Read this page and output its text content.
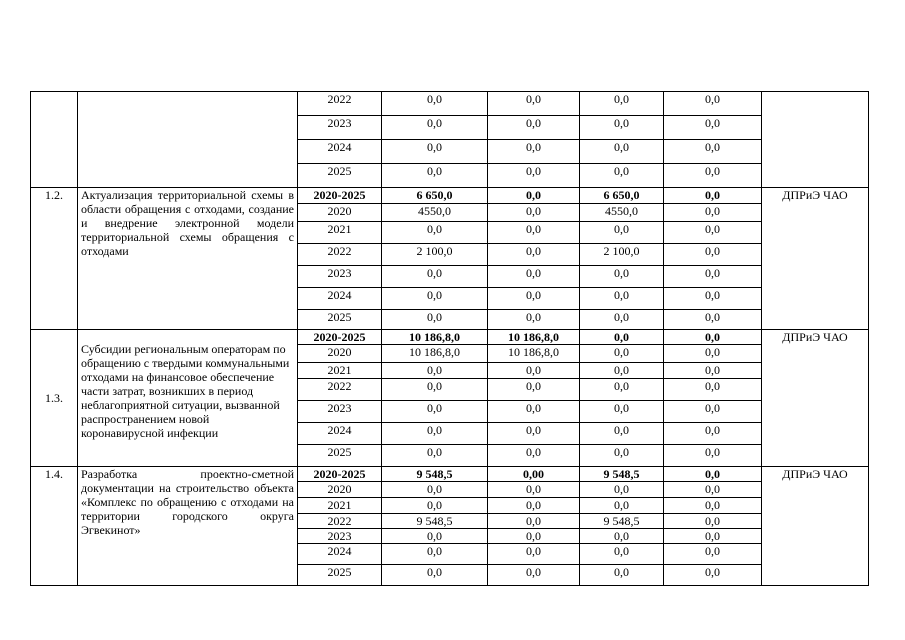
		2022	0,0	0,0	0,0	0,0	
		2023	0,0	0,0	0,0	0,0	
		2024	0,0	0,0	0,0	0,0	
		2025	0,0	0,0	0,0	0,0	
1.2.	Актуализация территориальной схемы в области обращения с отходами, создание и внедрение электронной модели территориальной схемы обращения с отходами	2020-2025	6 650,0	0,0	6 650,0	0,0	ДПРиЭ ЧАО
		2020	4550,0	0,0	4550,0	0,0	
		2021	0,0	0,0	0,0	0,0	
		2022	2 100,0	0,0	2 100,0	0,0	
		2023	0,0	0,0	0,0	0,0	
		2024	0,0	0,0	0,0	0,0	
		2025	0,0	0,0	0,0	0,0	
1.3.	Субсидии региональным операторам по обращению с твердыми коммунальными отходами на финансовое обеспечение части затрат, возникших в период неблагоприятной ситуации, вызванной распространением новой коронавирусной инфекции	2020-2025	10 186,8,0	10 186,8,0	0,0	0,0	ДПРиЭ ЧАО
		2020	10 186,8,0	10 186,8,0	0,0	0,0	
		2021	0,0	0,0	0,0	0,0	
		2022	0,0	0,0	0,0	0,0	
		2023	0,0	0,0	0,0	0,0	
		2024	0,0	0,0	0,0	0,0	
		2025	0,0	0,0	0,0	0,0	
1.4.	Разработка проектно-сметной документации на строительство объекта «Комплекс по обращению с отходами на территории городского округа Эгвекинот»	2020-2025	9 548,5	0,00	9 548,5	0,0	ДПРиЭ ЧАО
		2020	0,0	0,0	0,0	0,0	
		2021	0,0	0,0	0,0	0,0	
		2022	9 548,5	0,0	9 548,5	0,0	
		2023	0,0	0,0	0,0	0,0	
		2024	0,0	0,0	0,0	0,0	
		2025	0,0	0,0	0,0	0,0	
